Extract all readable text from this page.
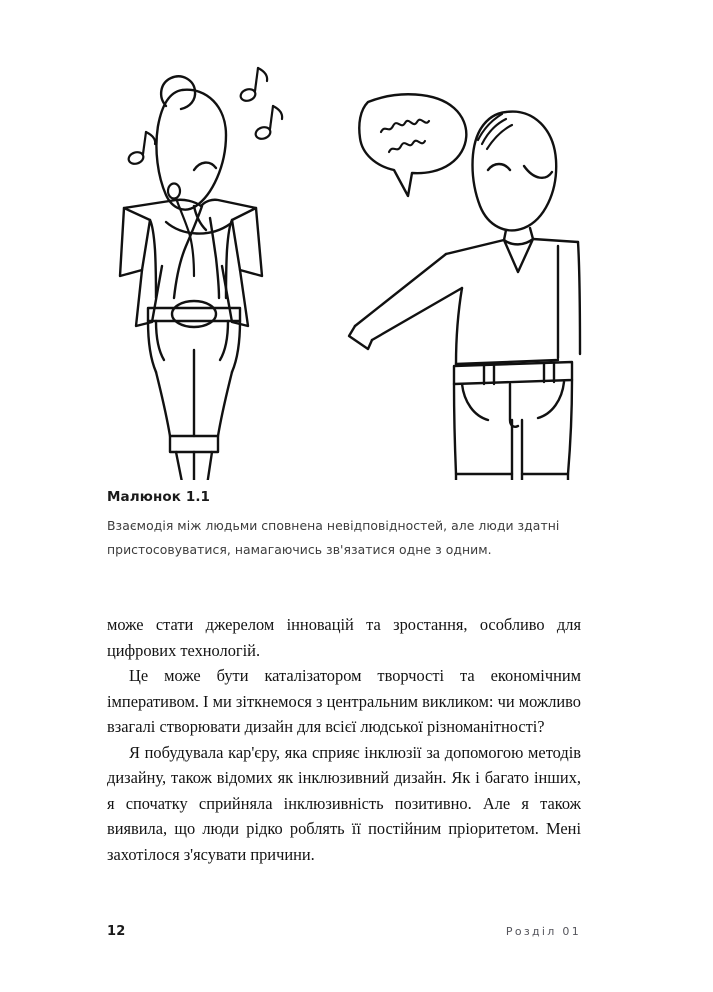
Малюнок 1.1
Взаємодія між людьми сповнена невідповідностей, але люди здатні пристосовуватися, намагаючись зв'язатися одне з одним.

може стати джерелом інновацій та зростання, особливо для цифрових технологій.

Це може бути каталізатором творчості та економічним імперативом. І ми зіткнемося з центральним викликом: чи можливо взагалі створювати дизайн для всієї людської різноманітності?

Я побудувала кар'єру, яка сприяє інклюзії за допомогою методів дизайну, також відомих як інклюзивний дизайн. Як і багато інших, я спочатку сприйняла інклюзивність позитивно. Але я також виявила, що люди рідко роблять її постійним пріоритетом. Мені захотілося з'ясувати причини.

12	Розділ 01
